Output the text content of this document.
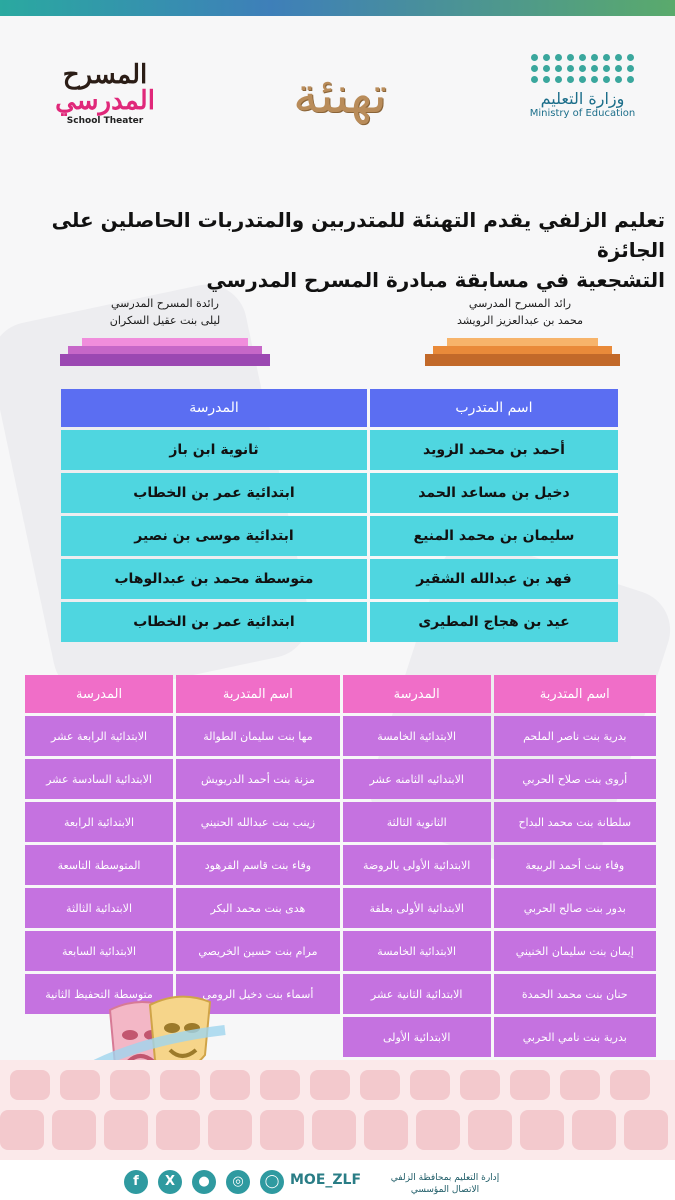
المسرح
المدرسي
School Theater	تهنئة	وزارة التعليم
Ministry of Education
تعليم الزلفي يقدم التهنئة للمتدربين والمتدربات الحاصلين على الجائزة
التشجعية في مسابقة مبادرة المسرح المدرسي
رائد المسرح المدرسي
محمد بن عبدالعزيز الرويشد
رائدة المسرح المدرسي
ليلى بنت عقيل السكران
اسم المتدرب	المدرسة
أحمد بن محمد الزويد	ثانوية ابن باز
دخيل بن مساعد الحمد	ابتدائية عمر بن الخطاب
سليمان بن محمد المنيع	ابتدائية موسى بن نصير
فهد بن عبدالله الشقير	متوسطة محمد بن عبدالوهاب
عيد بن هجاج المطيرى	ابتدائية عمر بن الخطاب
اسم المتدربة	المدرسة	اسم المتدربة	المدرسة
بدرية بنت ناصر الملحم	الابتدائية الخامسة	مها بنت سليمان الطوالة	الابتدائية الرابعة عشر
أروى بنت صلاح الحربي	الابتدائيه الثامنه عشر	مزنة بنت أحمد الدريويش	الابتدائية السادسة عشر
سلطانة بنت محمد البداح	الثانوية الثالثة	زينب بنت عبدالله الحنيني	الابتدائية الرابعة
وفاء بنت أحمد الربيعة	الابتدائية الأولى بالروضة	وفاء بنت قاسم الفرهود	المتوسطة التاسعة
بدور بنت صالح الحربي	الابتدائية الأولى بعلقة	هدى بنت محمد البكر	الابتدائية الثالثة
إيمان بنت سليمان الخنيني	الابتدائية الخامسة	مرام بنت حسين الخريصي	الابتدائية السابعة
حنان بنت محمد الحمدة	الابتدائية الثانية عشر	أسماء بنت دخيل الرومي	متوسطة التحفيظ الثانية
بدرية بنت نامي الحربي	الابتدائية الأولى		
f	X	●	◎	◯ MOE_ZLF	إدارة التعليم بمحافظة الزلفي
الاتصال المؤسسي
